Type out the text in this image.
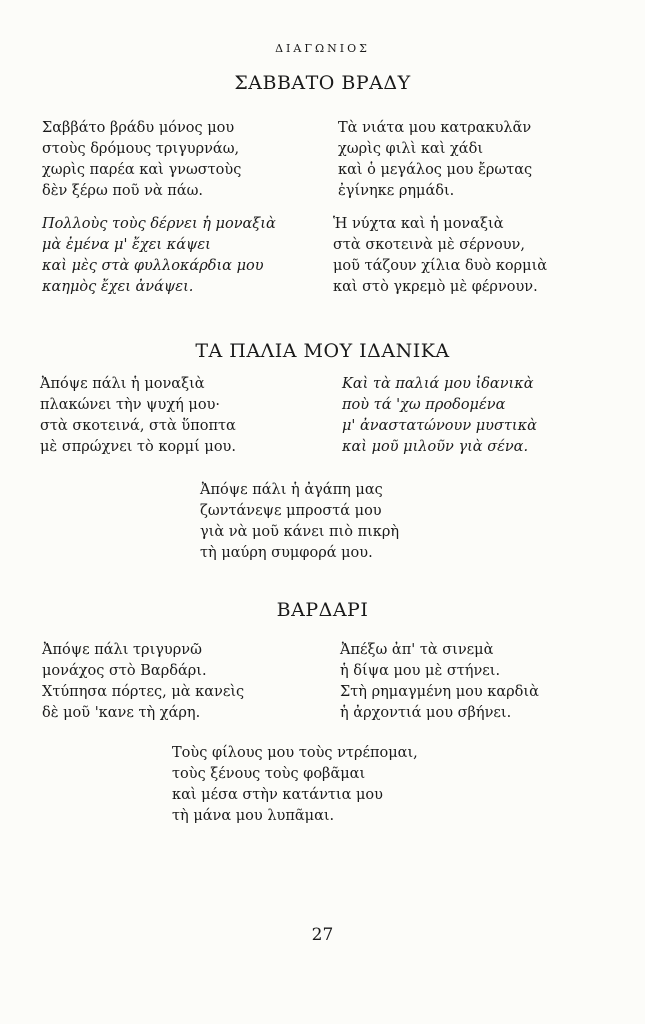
ΔΙΑΓΩΝΙΟΣ
ΣΑΒΒΑΤΟ ΒΡΑΔΥ
Σαββάτο βράδυ μόνος μου
στοὺς δρόμους τριγυρνάω,
χωρὶς παρέα καὶ γνωστοὺς
δὲν ξέρω ποῦ νὰ πάω.
Τὰ νιάτα μου κατρακυλᾶν
χωρὶς φιλὶ καὶ χάδι
καὶ ὁ μεγάλος μου ἔρωτας
ἐγίνηκε ρημάδι.
Πολλοὺς τοὺς δέρνει ἡ μοναξιὰ
μὰ ἐμένα μ' ἔχει κάψει
καὶ μὲς στὰ φυλλοκάρδια μου
καημὸς ἔχει ἀνάψει.
Ἡ νύχτα καὶ ἡ μοναξιὰ
στὰ σκοτεινὰ μὲ σέρνουν,
μοῦ τάζουν χίλια δυὸ κορμιὰ
καὶ στὸ γκρεμὸ μὲ φέρνουν.
ΤΑ ΠΑΛΙΑ ΜΟΥ ΙΔΑΝΙΚΑ
Ἀπόψε πάλι ἡ μοναξιὰ
πλακώνει τὴν ψυχή μου·
στὰ σκοτεινά, στὰ ὕποπτα
μὲ σπρώχνει τὸ κορμί μου.
Καὶ τὰ παλιά μου ἰδανικὰ
ποὺ τά 'χω προδομένα
μ' ἀναστατώνουν μυστικὰ
καὶ μοῦ μιλοῦν γιὰ σένα.
Ἀπόψε πάλι ἡ ἀγάπη μας
ζωντάνεψε μπροστά μου
γιὰ νὰ μοῦ κάνει πιὸ πικρὴ
τὴ μαύρη συμφορά μου.
ΒΑΡΔΑΡΙ
Ἀπόψε πάλι τριγυρνῶ
μονάχος στὸ Βαρδάρι.
Χτύπησα πόρτες, μὰ κανεὶς
δὲ μοῦ 'κανε τὴ χάρη.
Ἀπέξω ἀπ' τὰ σινεμὰ
ἡ δίψα μου μὲ στήνει.
Στὴ ρημαγμένη μου καρδιὰ
ἡ ἀρχοντιά μου σβήνει.
Τοὺς φίλους μου τοὺς ντρέπομαι,
τοὺς ξένους τοὺς φοβᾶμαι
καὶ μέσα στὴν κατάντια μου
τὴ μάνα μου λυπᾶμαι.
27
